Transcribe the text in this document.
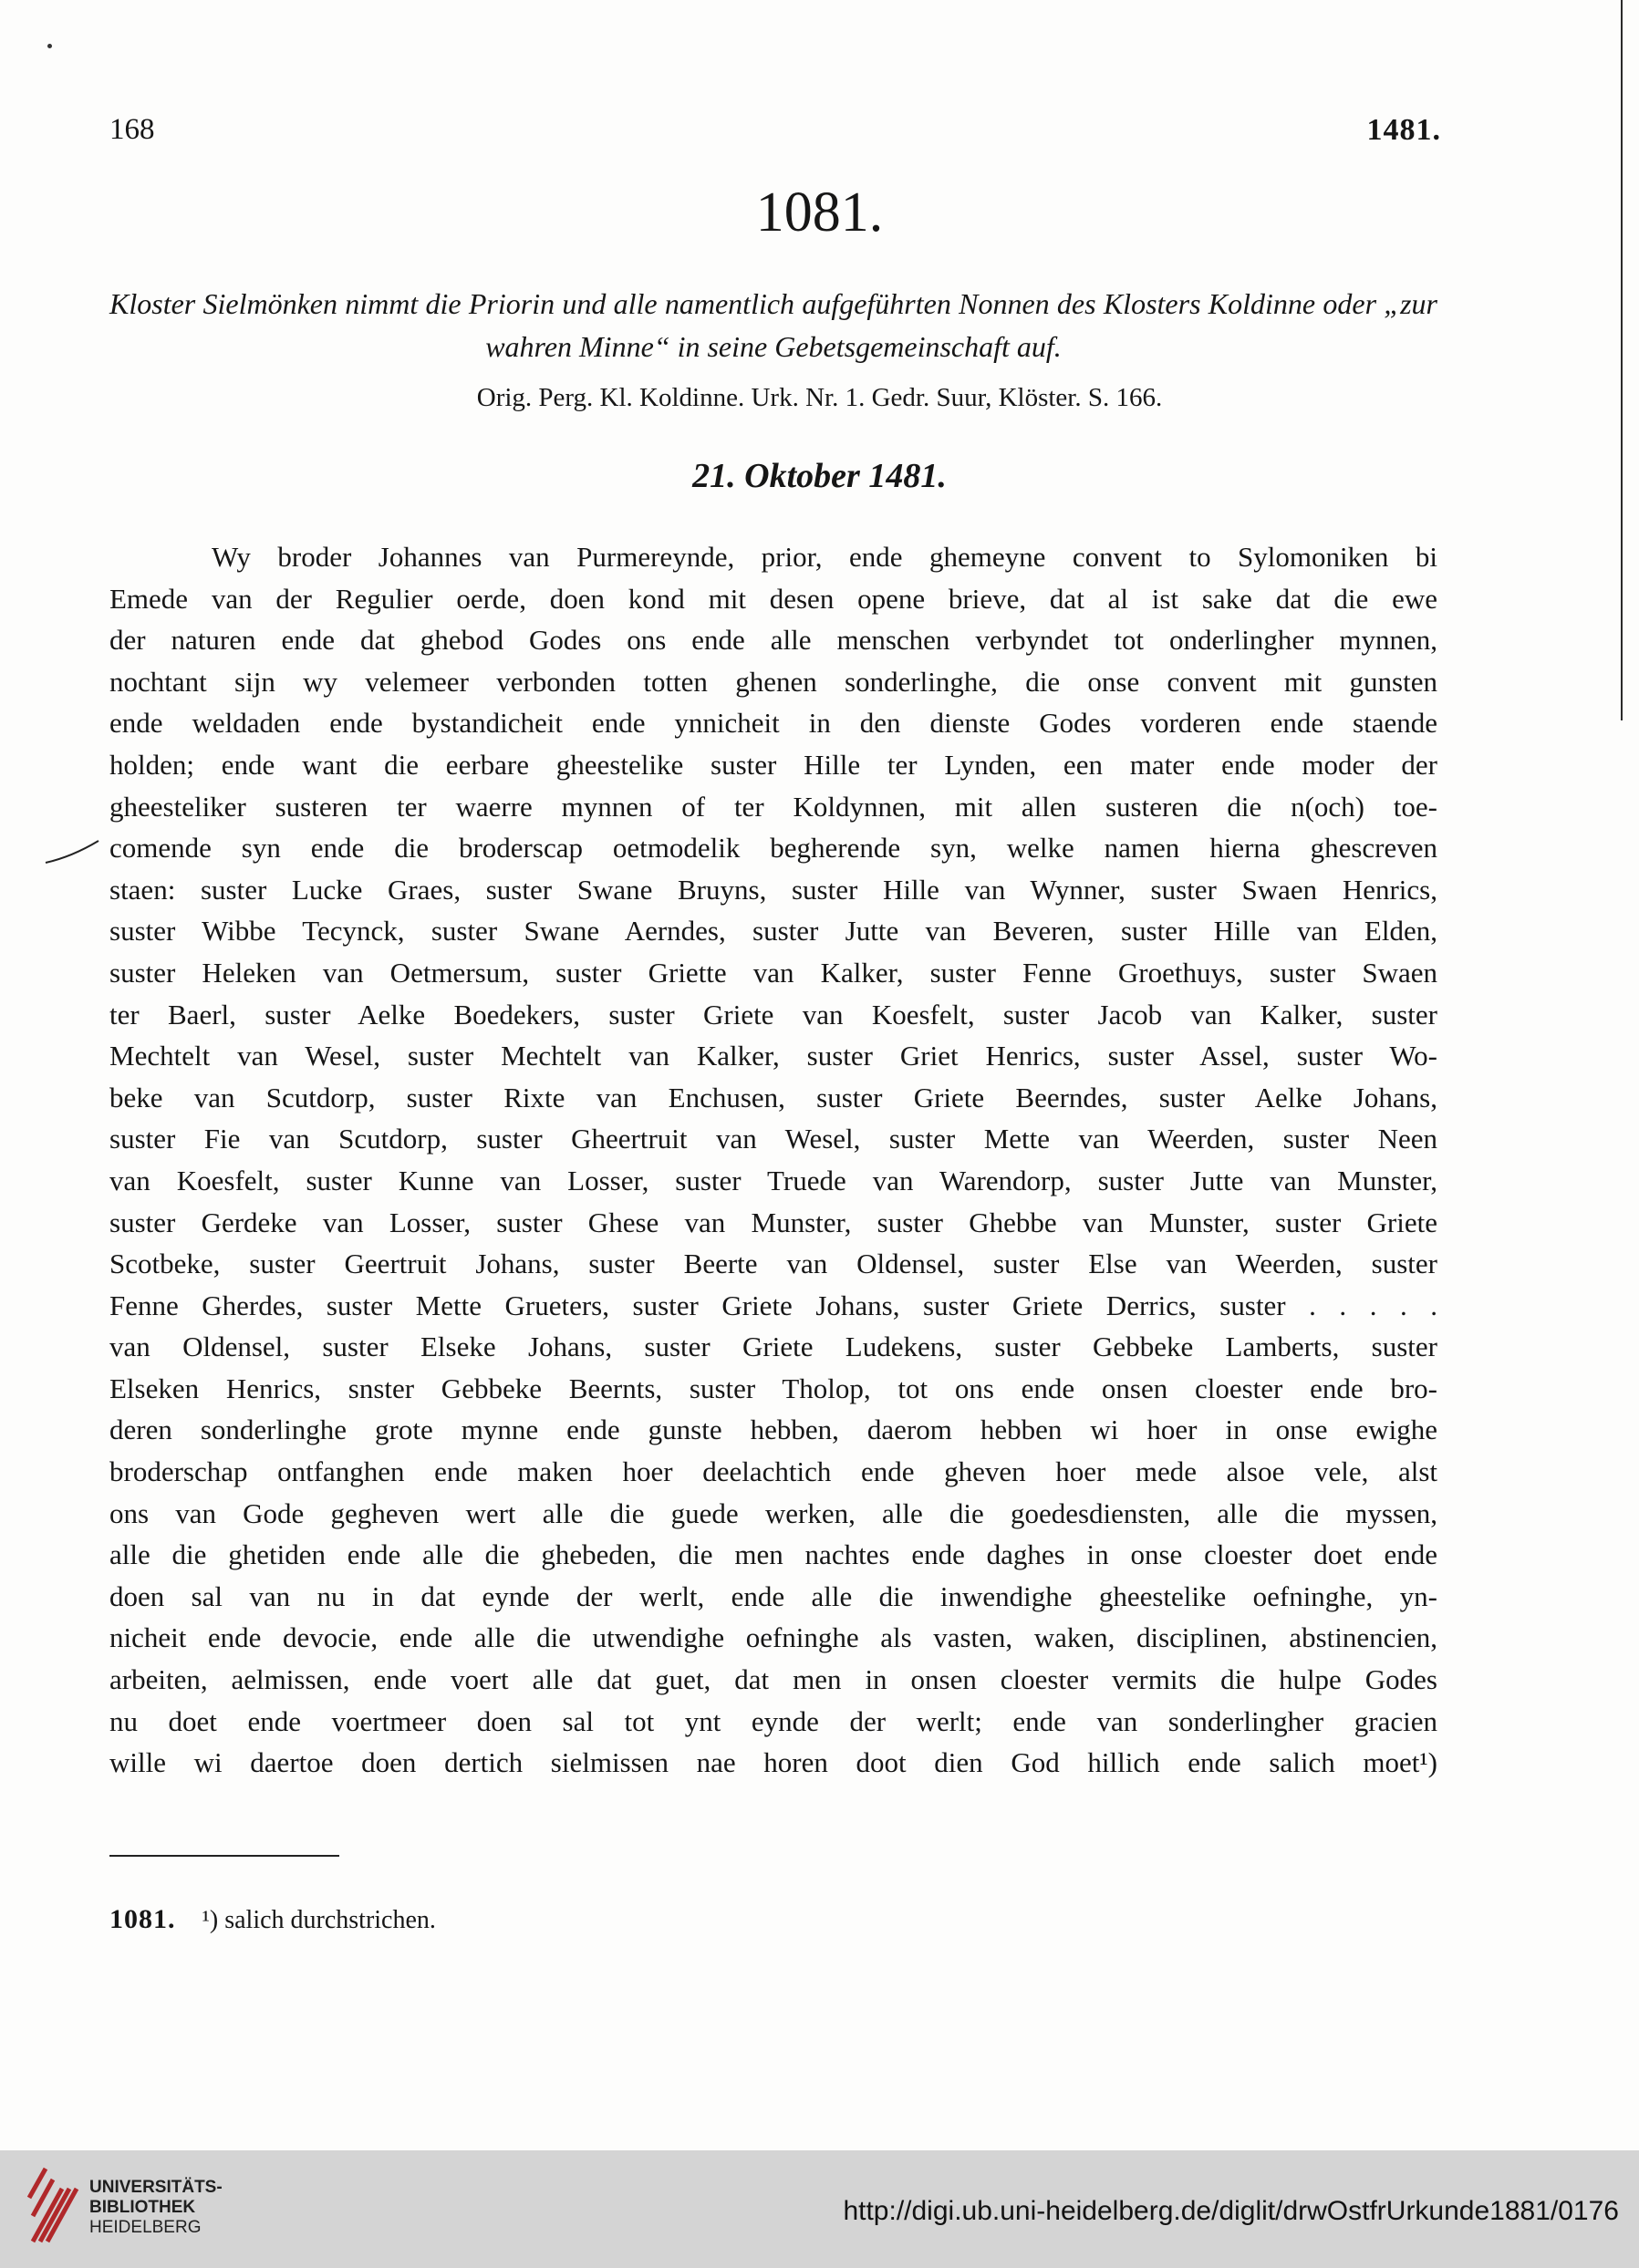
168	1481.
1081.
Kloster Sielmönken nimmt die Priorin und alle namentlich aufgeführten Nonnen des Klosters Koldinne oder „zur wahren Minne“ in seine Gebetsgemeinschaft auf.
Orig. Perg. Kl. Koldinne. Urk. Nr. 1. Gedr. Suur, Klöster. S. 166.
21. Oktober 1481.
Wy broder Johannes van Purmereynde, prior, ende ghemeyne convent to Sylomoniken bi
Emede van der Regulier oerde, doen kond mit desen opene brieve, dat al ist sake dat die ewe
der naturen ende dat ghebod Godes ons ende alle menschen verbyndet tot onderlingher mynnen,
nochtant sijn wy velemeer verbonden totten ghenen sonderlinghe, die onse convent mit gunsten
ende weldaden ende bystandicheit ende ynnicheit in den dienste Godes vorderen ende staende
holden; ende want die eerbare gheestelike suster Hille ter Lynden, een mater ende moder der
gheesteliker susteren ter waerre mynnen of ter Koldynnen, mit allen susteren die n(och) toe-
comende syn ende die broderscap oetmodelik begherende syn, welke namen hierna ghescreven
staen: suster Lucke Graes, suster Swane Bruyns, suster Hille van Wynner, suster Swaen Henrics,
suster Wibbe Tecynck, suster Swane Aerndes, suster Jutte van Beveren, suster Hille van Elden,
suster Heleken van Oetmersum, suster Griette van Kalker, suster Fenne Groethuys, suster Swaen
ter Baerl, suster Aelke Boedekers, suster Griete van Koesfelt, suster Jacob van Kalker, suster
Mechtelt van Wesel, suster Mechtelt van Kalker, suster Griet Henrics, suster Assel, suster Wo-
beke van Scutdorp, suster Rixte van Enchusen, suster Griete Beerndes, suster Aelke Johans,
suster Fie van Scutdorp, suster Gheertruit van Wesel, suster Mette van Weerden, suster Neen
van Koesfelt, suster Kunne van Losser, suster Truede van Warendorp, suster Jutte van Munster,
suster Gerdeke van Losser, suster Ghese van Munster, suster Ghebbe van Munster, suster Griete
Scotbeke, suster Geertruit Johans, suster Beerte van Oldensel, suster Else van Weerden, suster
Fenne Gherdes, suster Mette Grueters, suster Griete Johans, suster Griete Derrics, suster . . . . .
van Oldensel, suster Elseke Johans, suster Griete Ludekens, suster Gebbeke Lamberts, suster
Elseken Henrics, snster Gebbeke Beernts, suster Tholop, tot ons ende onsen cloester ende bro-
deren sonderlinghe grote mynne ende gunste hebben, daerom hebben wi hoer in onse ewighe
broderschap ontfanghen ende maken hoer deelachtich ende gheven hoer mede alsoe vele, alst
ons van Gode gegheven wert alle die guede werken, alle die goedesdiensten, alle die myssen,
alle die ghetiden ende alle die ghebeden, die men nachtes ende daghes in onse cloester doet ende
doen sal van nu in dat eynde der werlt, ende alle die inwendighe gheestelike oefninghe, yn-
nicheit ende devocie, ende alle die utwendighe oefninghe als vasten, waken, disciplinen, abstinencien,
arbeiten, aelmissen, ende voert alle dat guet, dat men in onsen cloester vermits die hulpe Godes
nu doet ende voertmeer doen sal tot ynt eynde der werlt; ende van sonderlingher gracien
wille wi daertoe doen dertich sielmissen nae horen doot dien God hillich ende salich moet¹)
1081. ¹) salich durchstrichen.
UNIVERSITÄTS-
BIBLIOTHEK
HEIDELBERG
http://digi.ub.uni-heidelberg.de/diglit/drwOstfrUrkunde1881/0176
